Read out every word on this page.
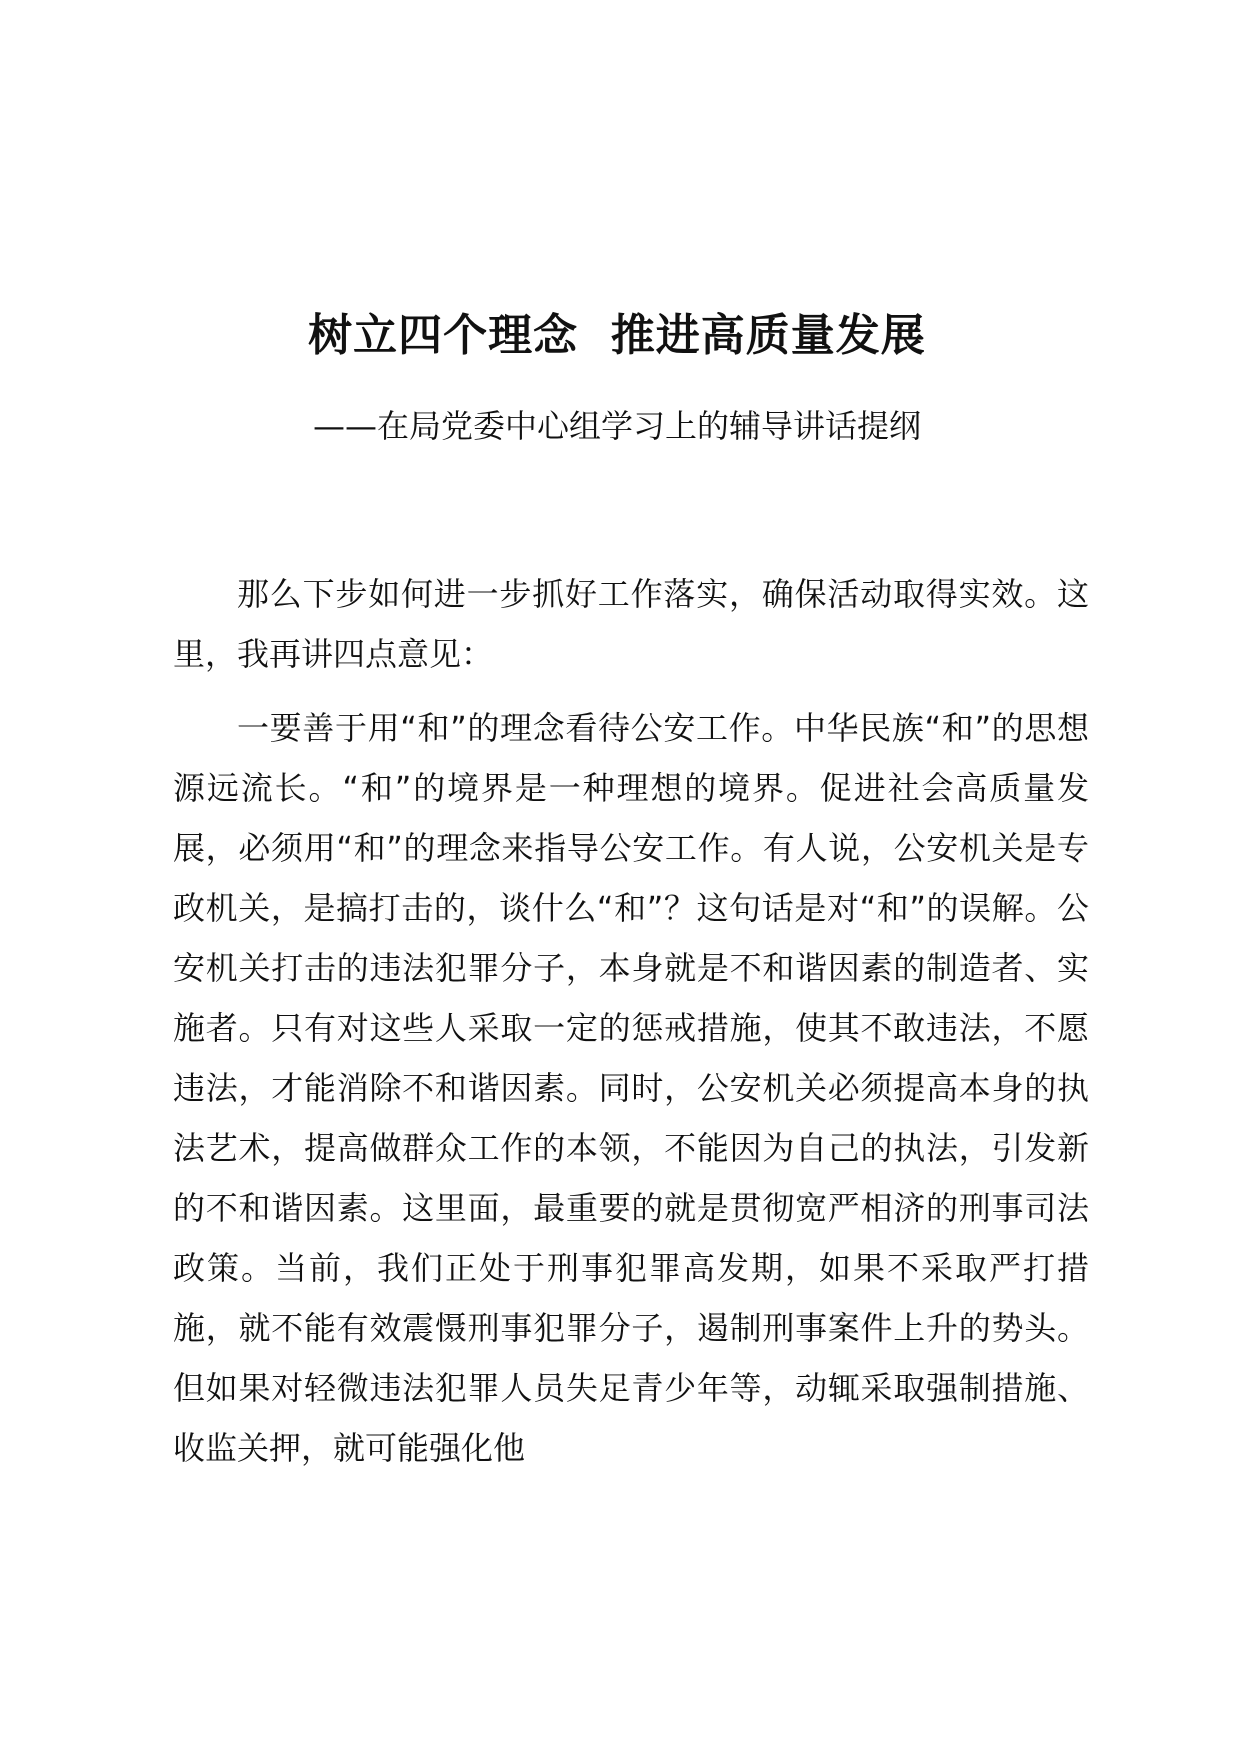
树立四个理念  推进高质量发展
——在局党委中心组学习上的辅导讲话提纲

那么下步如何进一步抓好工作落实，确保活动取得实效。这里，我再讲四点意见：

一要善于用“和”的理念看待公安工作。中华民族“和”的思想源远流长。“和”的境界是一种理想的境界。促进社会高质量发展，必须用“和”的理念来指导公安工作。有人说，公安机关是专政机关，是搞打击的，谈什么“和”？这句话是对“和”的误解。公安机关打击的违法犯罪分子，本身就是不和谐因素的制造者、实施者。只有对这些人采取一定的惩戒措施，使其不敢违法，不愿违法，才能消除不和谐因素。同时，公安机关必须提高本身的执法艺术，提高做群众工作的本领，不能因为自己的执法，引发新的不和谐因素。这里面，最重要的就是贯彻宽严相济的刑事司法政策。当前，我们正处于刑事犯罪高发期，如果不采取严打措施，就不能有效震慑刑事犯罪分子，遏制刑事案件上升的势头。但如果对轻微违法犯罪人员失足青少年等，动辄采取强制措施、收监关押，就可能强化他
